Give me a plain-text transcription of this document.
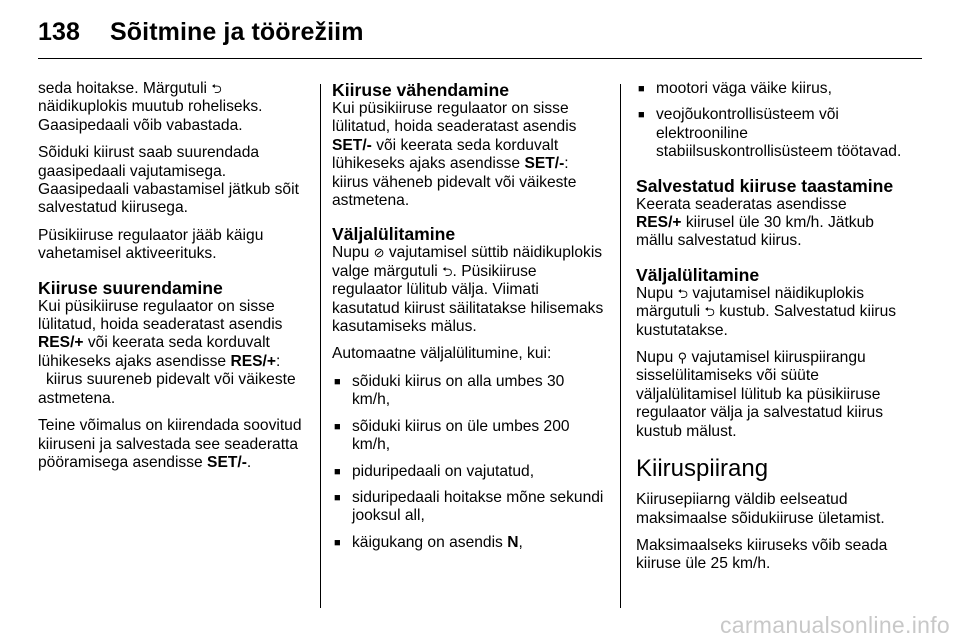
138 Sõitmine ja töörežiim

seda hoitakse. Märgutuli ⮌ näidikuplokis muutub roheliseks. Gaasipedaali võib vabastada.

Sõiduki kiirust saab suurendada gaasipedaali vajutamisega. Gaasipedaali vabastamisel jätkub sõit salvestatud kiirusega.

Püsikiiruse regulaator jääb käigu vahetamisel aktiveerituks.

Kiiruse suurendamine

Kui püsikiiruse regulaator on sisse lülitatud, hoida seaderatast asendis RES/+ või keerata seda korduvalt lühikeseks ajaks asendisse RES/+:
kiirus suureneb pidevalt või väikeste astmetena.

Teine võimalus on kiirendada soovitud kiiruseni ja salvestada see seaderatta pööramisega asendisse SET/-.

Kiiruse vähendamine

Kui püsikiiruse regulaator on sisse lülitatud, hoida seaderatast asendis SET/- või keerata seda korduvalt lühikeseks ajaks asendisse SET/-:
kiirus väheneb pidevalt või väikeste astmetena.

Väljalülitamine

Nupu ⊘ vajutamisel süttib näidikuplokis valge märgutuli ⮌. Püsikiiruse regulaator lülitub välja. Viimati kasutatud kiirust säilitatakse hilisemaks kasutamiseks mälus.

Automaatne väljalülitumine, kui:

■ sõiduki kiirus on alla umbes 30 km/h,
■ sõiduki kiirus on üle umbes 200 km/h,
■ piduripedaali on vajutatud,
■ siduripedaali hoitakse mõne sekundi jooksul all,
■ käigukang on asendis N,
■ mootori väga väike kiirus,
■ veojõukontrollisüsteem või elektrooniline stabiilsuskontrollisüsteem töötavad.
Salvestatud kiiruse taastamine

Keerata seaderatas asendisse
RES/+ kiirusel üle 30 km/h. Jätkub mällu salvestatud kiirus.

Väljalülitamine

Nupu ⮌ vajutamisel näidikuplokis märgutuli ⮌ kustub. Salvestatud kiirus kustutatakse.

Nupu ⚲ vajutamisel kiiruspiirangu sisselülitamiseks või süüte väljalülitamisel lülitub ka püsikiiruse regulaator välja ja salvestatud kiirus kustub mälust.

Kiiruspiirang

Kiirusepiiarng väldib eelseatud maksimaalse sõidukiiruse ületamist.

Maksimaalseks kiiruseks võib seada kiiruse üle 25 km/h.

carmanualsonline.info
